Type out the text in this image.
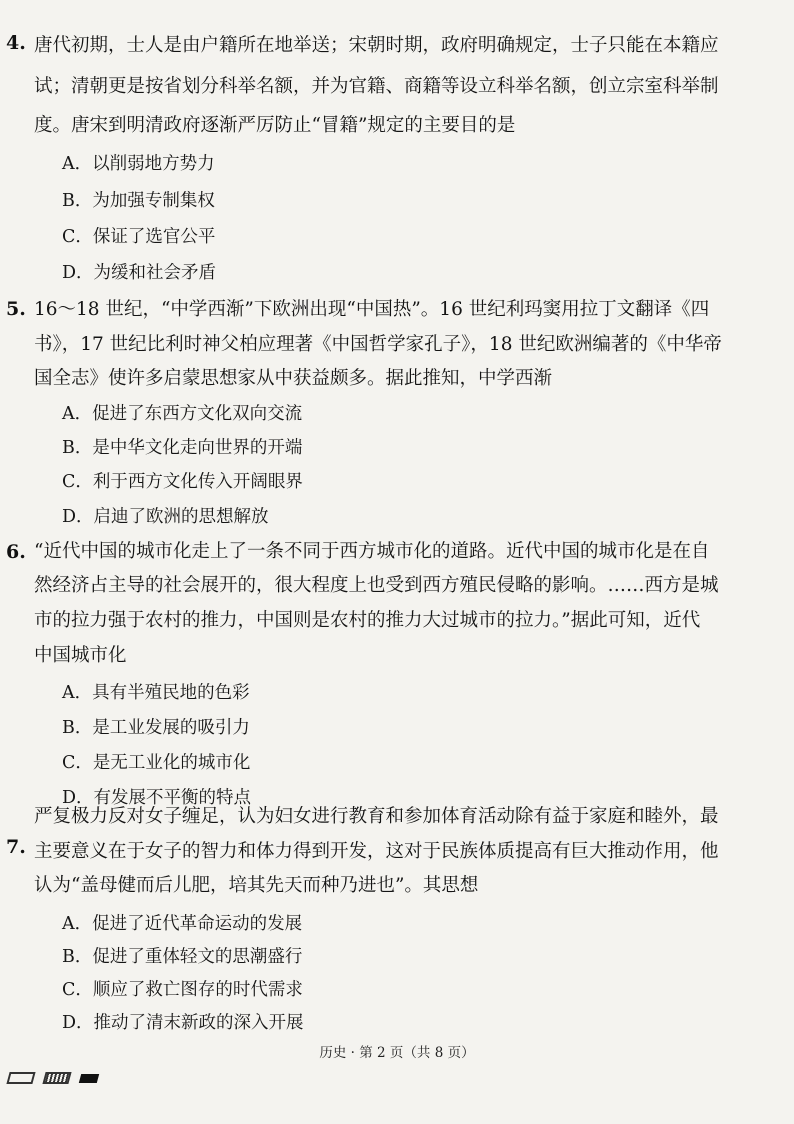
4. 唐代初期，士人是由户籍所在地举送；宋朝时期，政府明确规定，士子只能在本籍应
试；清朝更是按省划分科举名额，并为官籍、商籍等设立科举名额，创立宗室科举制
度。唐宋到明清政府逐渐严厉防止“冒籍”规定的主要目的是
A．以削弱地方势力
B．为加强专制集权
C．保证了选官公平
D．为缓和社会矛盾
5. 16～18 世纪，“中学西渐”下欧洲出现“中国热”。16 世纪利玛窦用拉丁文翻译《四
书》，17 世纪比利时神父柏应理著《中国哲学家孔子》，18 世纪欧洲编著的《中华帝
国全志》使许多启蒙思想家从中获益颇多。据此推知，中学西渐
A．促进了东西方文化双向交流
B．是中华文化走向世界的开端
C．利于西方文化传入开阔眼界
D．启迪了欧洲的思想解放
6. “近代中国的城市化走上了一条不同于西方城市化的道路。近代中国的城市化是在自
然经济占主导的社会展开的，很大程度上也受到西方殖民侵略的影响。……西方是城
市的拉力强于农村的推力，中国则是农村的推力大过城市的拉力。”据此可知，近代
中国城市化
A．具有半殖民地的色彩
B．是工业发展的吸引力
C．是无工业化的城市化
D．有发展不平衡的特点
7.
严复极力反对女子缠足，认为妇女进行教育和参加体育活动除有益于家庭和睦外，最
主要意义在于女子的智力和体力得到开发，这对于民族体质提高有巨大推动作用，他
认为“盖母健而后儿肥，培其先天而种乃进也”。其思想
A．促进了近代革命运动的发展
B．促进了重体轻文的思潮盛行
C．顺应了救亡图存的时代需求
D．推动了清末新政的深入开展
历史 · 第 2 页（共 8 页）
